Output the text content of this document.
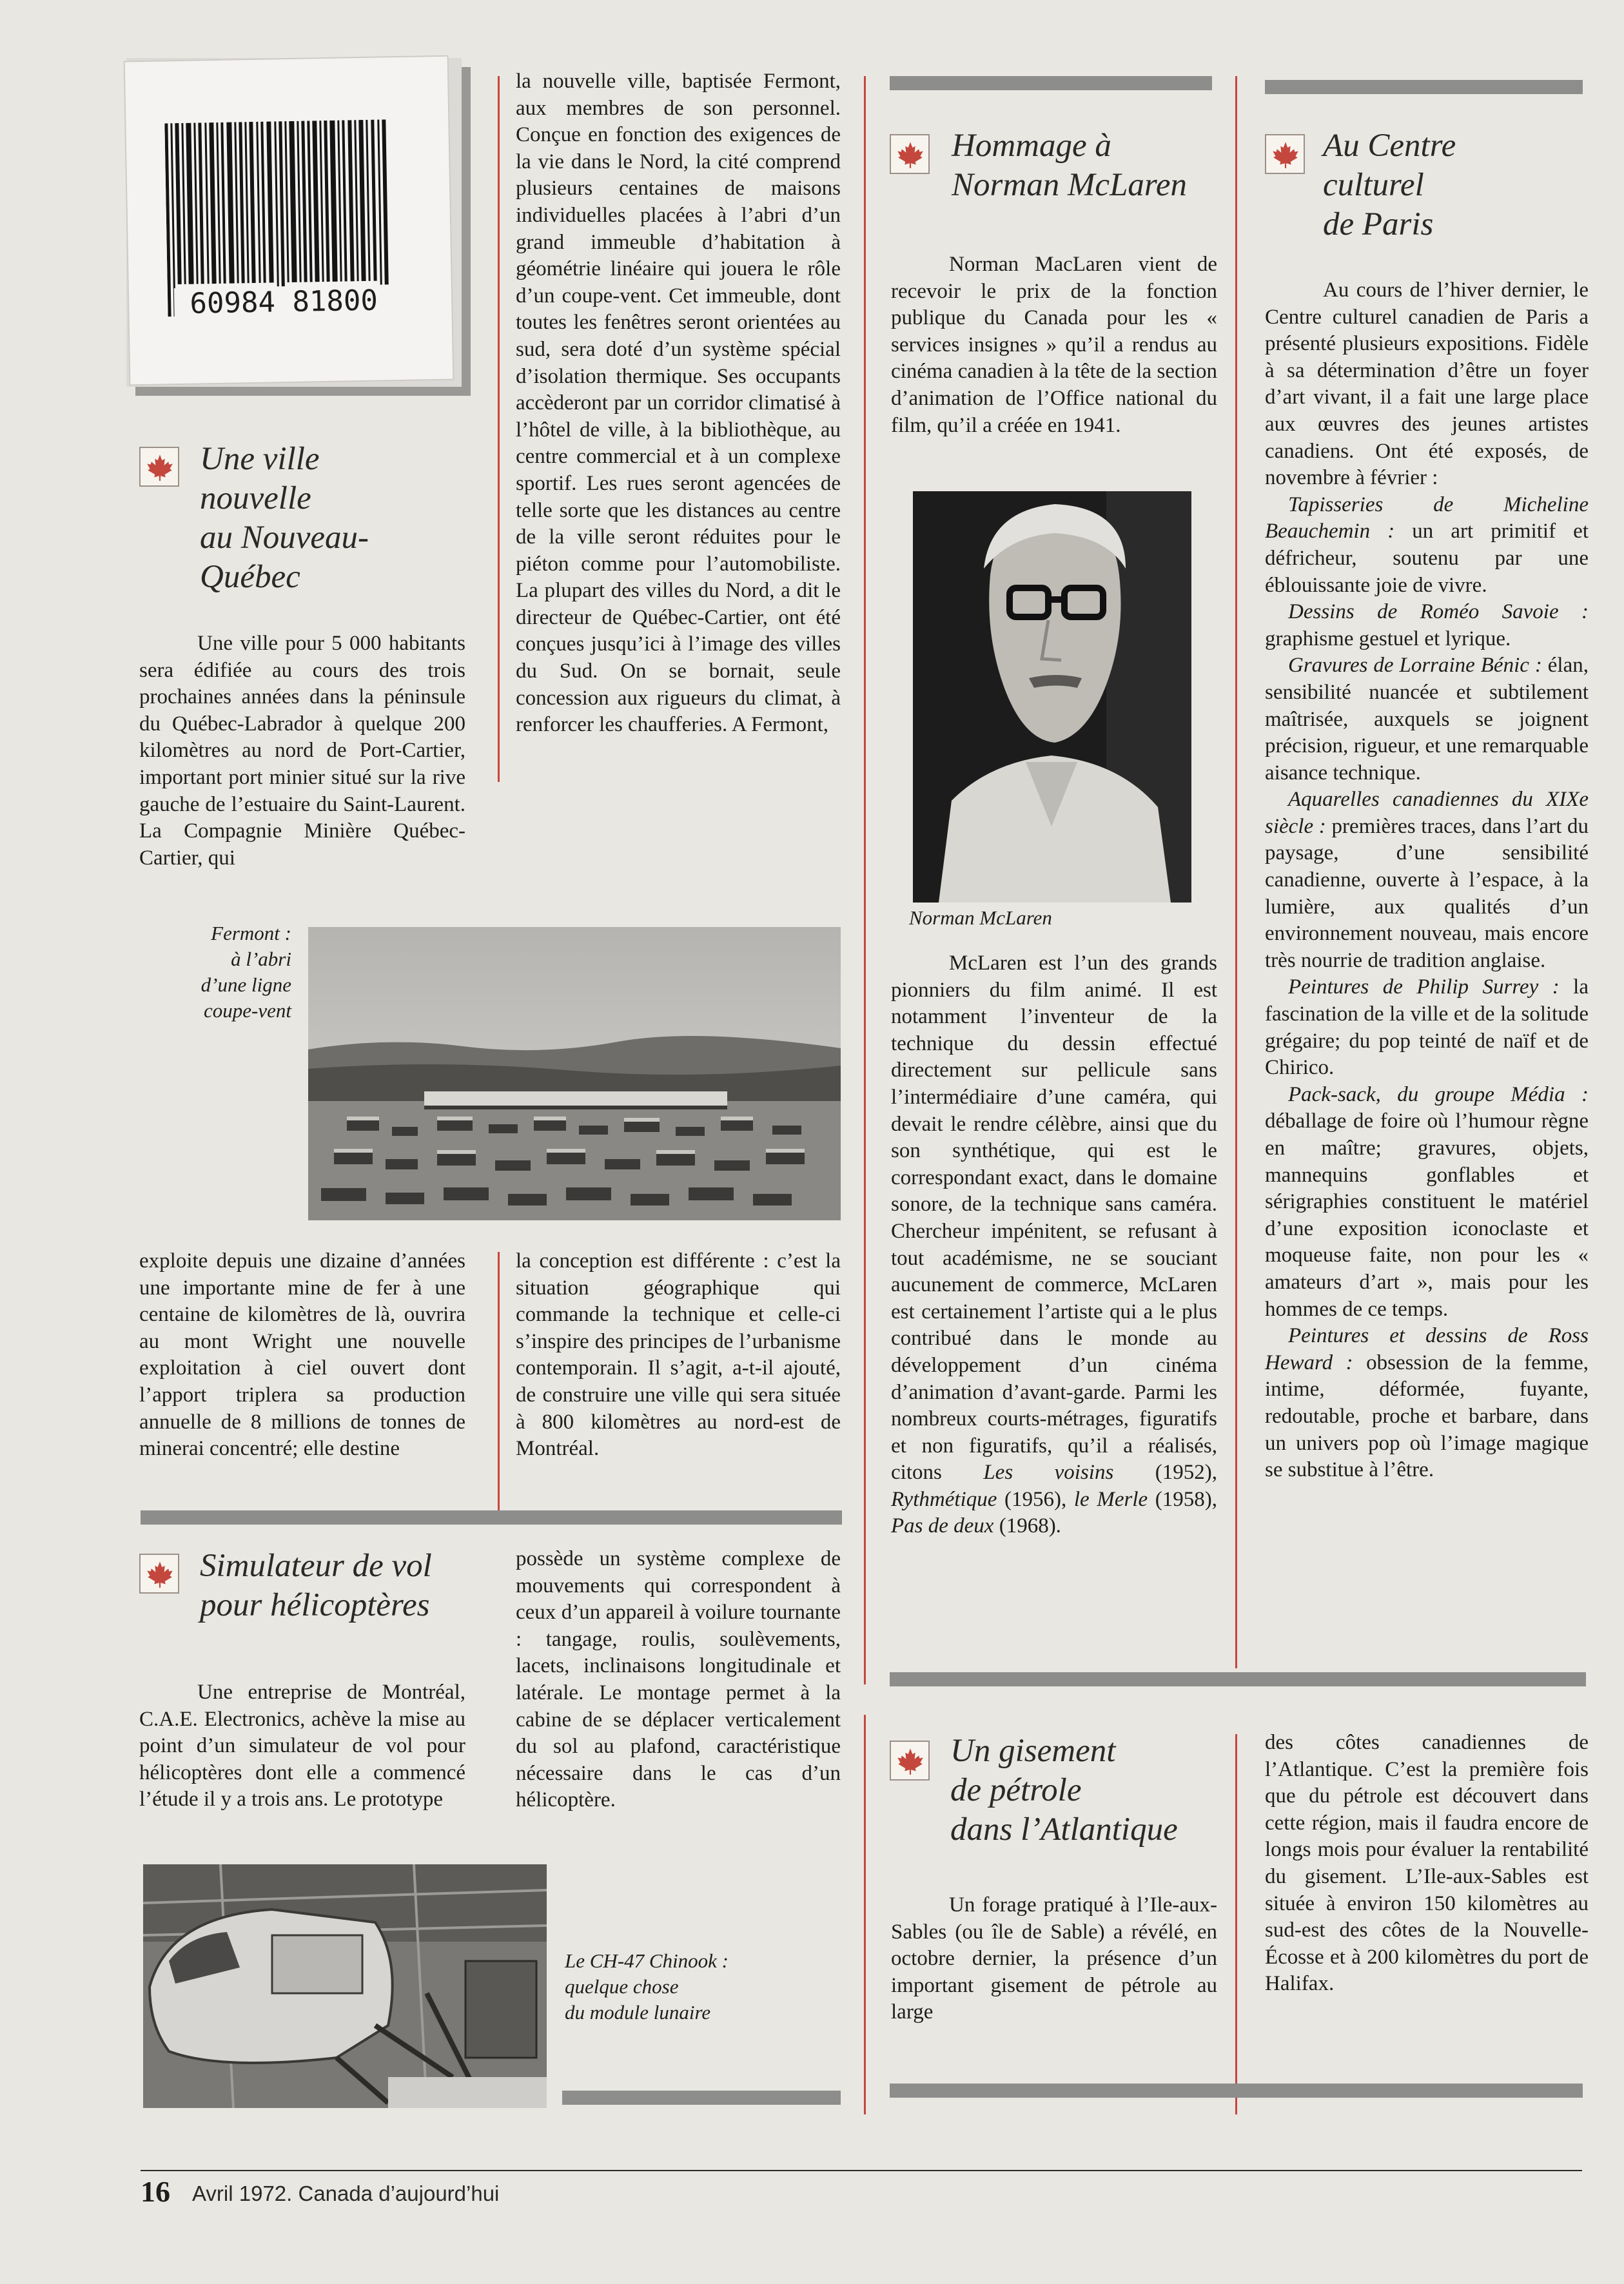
60984 81800
Une ville
nouvelle
au Nouveau-
Québec

Une ville pour 5 000 habitants sera édifiée au cours des trois prochaines années dans la péninsule du Québec-Labrador à quelque 200 kilomètres au nord de Port-Cartier, important port minier situé sur la rive gauche de l’estuaire du Saint-Laurent. La Compagnie Minière Québec-Cartier, qui

la nouvelle ville, baptisée Fermont, aux membres de son personnel. Conçue en fonction des exigences de la vie dans le Nord, la cité comprend plusieurs centaines de maisons individuelles placées à l’abri d’un grand immeuble d’habitation à géométrie linéaire qui jouera le rôle d’un coupe-vent. Cet immeuble, dont toutes les fenêtres seront orientées au sud, sera doté d’un système spécial d’isolation thermique. Ses occupants accèderont par un corridor climatisé à l’hôtel de ville, à la bibliothèque, au centre commercial et à un complexe sportif. Les rues seront agencées de telle sorte que les distances au centre de la ville seront réduites pour le piéton comme pour l’automobiliste. La plupart des villes du Nord, a dit le directeur de Québec-Cartier, ont été conçues jusqu’ici à l’image des villes du Sud. On se bornait, seule concession aux rigueurs du climat, à renforcer les chaufferies. A Fermont,

Fermont :
à l’abri
d’une ligne
coupe-vent

exploite depuis une dizaine d’années une importante mine de fer à une centaine de kilomètres de là, ouvrira au mont Wright une nouvelle exploitation à ciel ouvert dont l’apport triplera sa production annuelle de 8 millions de tonnes de minerai concentré; elle destine

la conception est différente : c’est la situation géographique qui commande la technique et celle-ci s’inspire des principes de l’urbanisme contemporain. Il s’agit, a-t-il ajouté, de construire une ville qui sera située à 800 kilomètres au nord-est de Montréal.

Simulateur de vol
pour hélicoptères

Une entreprise de Montréal, C.A.E. Electronics, achève la mise au point d’un simulateur de vol pour hélicoptères dont elle a commencé l’étude il y a trois ans. Le prototype

possède un système complexe de mouvements qui correspondent à ceux d’un appareil à voilure tournante : tangage, roulis, soulèvements, lacets, inclinaisons longitudinale et latérale. Le montage permet à la cabine de se déplacer verticalement du sol au plafond, caractéristique nécessaire dans le cas d’un hélicoptère.

Le CH-47 Chinook :
quelque chose
du module lunaire
Hommage à
Norman McLaren

Norman MacLaren vient de recevoir le prix de la fonction publique du Canada pour les « services insignes » qu’il a rendus au cinéma canadien à la tête de la section d’animation de l’Office national du film, qu’il a créée en 1941.

Norman McLaren

McLaren est l’un des grands pionniers du film animé. Il est notamment l’inventeur de la technique du dessin effectué directement sur pellicule sans l’intermédiaire d’une caméra, qui devait le rendre célèbre, ainsi que du son synthétique, qui est le correspondant exact, dans le domaine sonore, de la technique sans caméra. Chercheur impénitent, se refusant à tout académisme, ne se souciant aucunement de commerce, McLaren est certainement l’artiste qui a le plus contribué dans le monde au développement d’un cinéma d’animation d’avant-garde. Parmi les nombreux courts-métrages, figuratifs et non figuratifs, qu’il a réalisés, citons Les voisins (1952), Rythmétique (1956), le Merle (1958), Pas de deux (1968).

Au Centre
culturel
de Paris

Au cours de l’hiver dernier, le Centre culturel canadien de Paris a présenté plusieurs expositions. Fidèle à sa détermination d’être un foyer d’art vivant, il a fait une large place aux œuvres des jeunes artistes canadiens. Ont été exposés, de novembre à février :

Tapisseries de Micheline Beauchemin : un art primitif et défricheur, soutenu par une éblouissante joie de vivre.

Dessins de Roméo Savoie : graphisme gestuel et lyrique.

Gravures de Lorraine Bénic : élan, sensibilité nuancée et subtilement maîtrisée, auxquels se joignent précision, rigueur, et une remarquable aisance technique.

Aquarelles canadiennes du XIXe siècle : premières traces, dans l’art du paysage, d’une sensibilité canadienne, ouverte à l’espace, à la lumière, aux qualités d’un environnement nouveau, mais encore très nourrie de tradition anglaise.

Peintures de Philip Surrey : la fascination de la ville et de la solitude grégaire; du pop teinté de naïf et de Chirico.

Pack-sack, du groupe Média : déballage de foire où l’humour règne en maître; gravures, objets, mannequins gonflables et sérigraphies constituent le matériel d’une exposition iconoclaste et moqueuse faite, non pour les « amateurs d’art », mais pour les hommes de ce temps.

Peintures et dessins de Ross Heward : obsession de la femme, intime, déformée, fuyante, redoutable, proche et barbare, dans un univers pop où l’image magique se substitue à l’être.

Un gisement
de pétrole
dans l’Atlantique

Un forage pratiqué à l’Ile-aux-Sables (ou île de Sable) a révélé, en octobre dernier, la présence d’un important gisement de pétrole au large

des côtes canadiennes de l’Atlantique. C’est la première fois que du pétrole est découvert dans cette région, mais il faudra encore de longs mois pour évaluer la rentabilité du gisement. L’Ile-aux-Sables est située à environ 150 kilomètres au sud-est des côtes de la Nouvelle-Écosse et à 200 kilomètres du port de Halifax.

16 Avril 1972. Canada d’aujourd’hui
